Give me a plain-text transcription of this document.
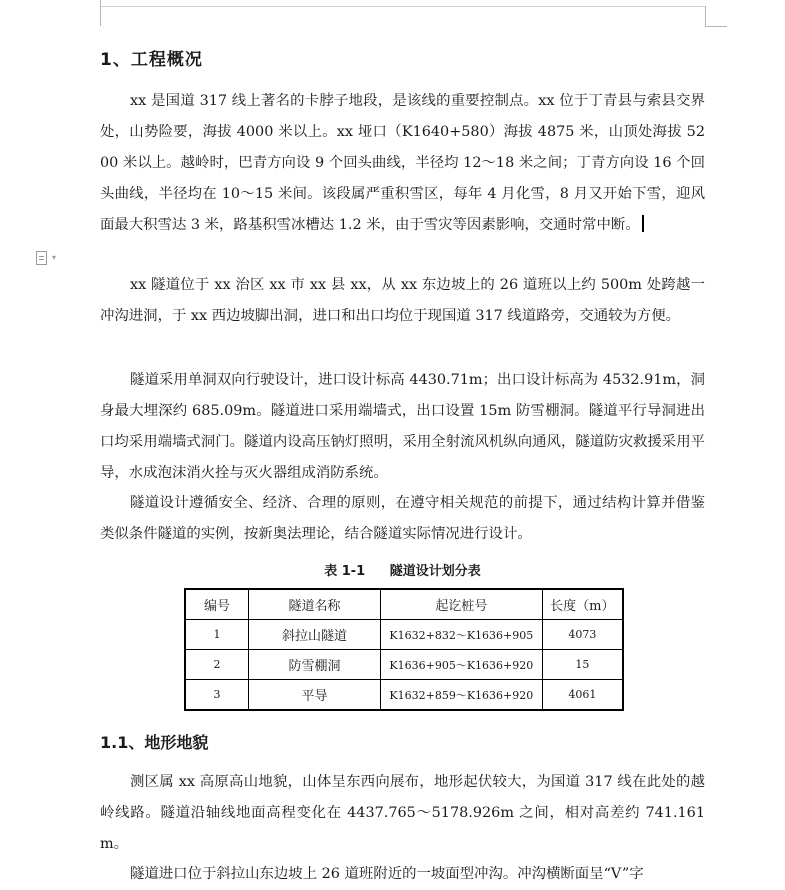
▾
1、工程概况

xx 是国道 317 线上著名的卡脖子地段，是该线的重要控制点。xx 位于丁青县与索县交界处，山势险要，海拔 4000 米以上。xx 垭口（K1640+580）海拔 4875 米，山顶处海拔 5200 米以上。越岭时，巴青方向设 9 个回头曲线，半径均 12～18 米之间；丁青方向设 16 个回头曲线，半径均在 10～15 米间。该段属严重积雪区，每年 4 月化雪，8 月又开始下雪，迎风面最大积雪达 3 米，路基积雪冰槽达 1.2 米，由于雪灾等因素影响，交通时常中断。

xx 隧道位于 xx 治区 xx 市 xx 县 xx，从 xx 东边坡上的 26 道班以上约 500m 处跨越一冲沟进洞，于 xx 西边坡脚出洞，进口和出口均位于现国道 317 线道路旁，交通较为方便。

隧道采用单洞双向行驶设计，进口设计标高 4430.71m；出口设计标高为 4532.91m，洞身最大埋深约 685.09m。隧道进口采用端墙式，出口设置 15m 防雪棚洞。隧道平行导洞进出口均采用端墙式洞门。隧道内设高压钠灯照明，采用全射流风机纵向通风，隧道防灾救援采用平导，水成泡沫消火拴与灭火器组成消防系统。

隧道设计遵循安全、经济、合理的原则，在遵守相关规范的前提下，通过结构计算并借鉴类似条件隧道的实例，按新奥法理论，结合隧道实际情况进行设计。

1.1、地形地貌

测区属 xx 高原高山地貌，山体呈东西向展布，地形起伏较大，为国道 317 线在此处的越岭线路。隧道沿轴线地面高程变化在 4437.765～5178.926m 之间，相对高差约 741.161m。

隧道进口位于斜拉山东边坡上 26 道班附近的一坡面型冲沟。冲沟横断面呈“V”字

表 1-1 隧道设计划分表
编号	隧道名称	起讫桩号	长度（m）
1	斜拉山隧道	K1632+832～K1636+905	4073
2	防雪棚洞	K1636+905～K1636+920	15
3	平导	K1632+859～K1636+920	4061
